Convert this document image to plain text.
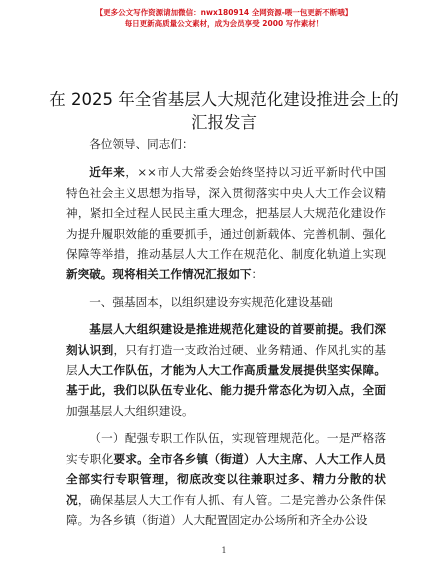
【更多公文写作资源请加微信：nwx180914 全网资源-喂一包更新不断哦】
每日更新高质量公文素材，成为会员享受 2000 写作素材！
在 2025 年全省基层人大规范化建设推进会上的汇报发言

各位领导、同志们：

近年来，××市人大常委会始终坚持以习近平新时代中国特色社会主义思想为指导，深入贯彻落实中央人大工作会议精神，紧扣全过程人民民主重大理念，把基层人大规范化建设作为提升履职效能的重要抓手，通过创新载体、完善机制、强化保障等举措，推动基层人大工作在规范化、制度化轨道上实现新突破。现将相关工作情况汇报如下：

一、强基固本，以组织建设夯实规范化建设基础

基层人大组织建设是推进规范化建设的首要前提。我们深刻认识到，只有打造一支政治过硬、业务精通、作风扎实的基层人大工作队伍，才能为人大工作高质量发展提供坚实保障。基于此，我们以队伍专业化、能力提升常态化为切入点，全面加强基层人大组织建设。

（一）配强专职工作队伍，实现管理规范化。一是严格落实专职化要求。全市各乡镇（街道）人大主席、人大工作人员全部实行专职管理，彻底改变以往兼职过多、精力分散的状况，确保基层人大工作有人抓、有人管。二是完善办公条件保障。为各乡镇（街道）人大配置固定办公场所和齐全办公设

1
